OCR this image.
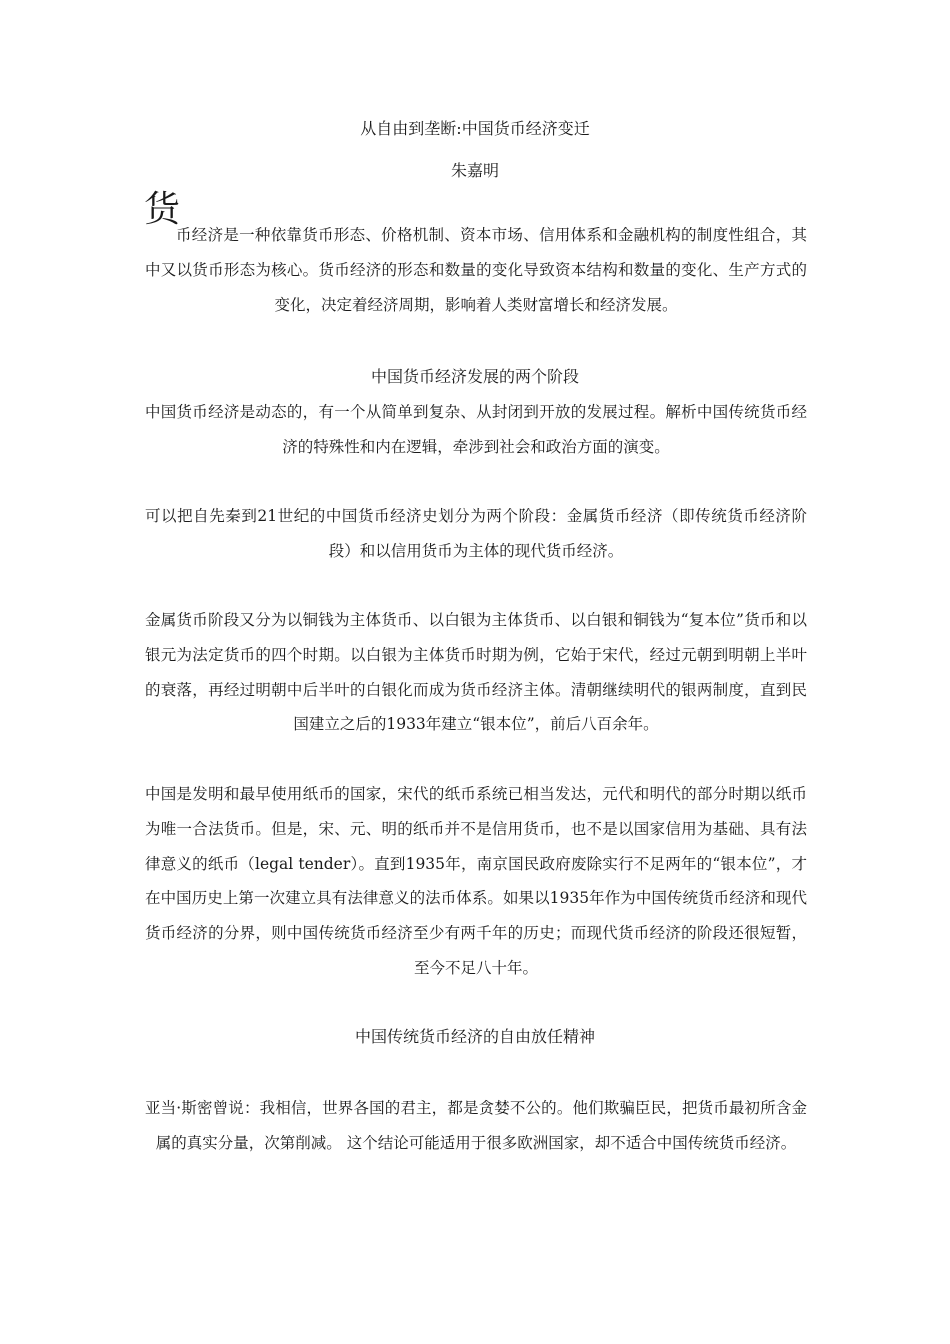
从自由到垄断:中国货币经济变迁
朱嘉明
货
币经济是一种依靠货币形态、价格机制、资本市场、信用体系和金融机构的制度性组合，其中又以货币形态为核心。货币经济的形态和数量的变化导致资本结构和数量的变化、生产方式的变化，决定着经济周期，影响着人类财富增长和经济发展。
中国货币经济发展的两个阶段
中国货币经济是动态的，有一个从简单到复杂、从封闭到开放的发展过程。解析中国传统货币经济的特殊性和内在逻辑，牵涉到社会和政治方面的演变。
可以把自先秦到21世纪的中国货币经济史划分为两个阶段：金属货币经济（即传统货币经济阶段）和以信用货币为主体的现代货币经济。
金属货币阶段又分为以铜钱为主体货币、以白银为主体货币、以白银和铜钱为“复本位”货币和以银元为法定货币的四个时期。以白银为主体货币时期为例，它始于宋代，经过元朝到明朝上半叶的衰落，再经过明朝中后半叶的白银化而成为货币经济主体。清朝继续明代的银两制度，直到民国建立之后的1933年建立“银本位”，前后八百余年。
中国是发明和最早使用纸币的国家，宋代的纸币系统已相当发达，元代和明代的部分时期以纸币为唯一合法货币。但是，宋、元、明的纸币并不是信用货币，也不是以国家信用为基础、具有法律意义的纸币（legal tender）。直到1935年，南京国民政府废除实行不足两年的“银本位”，才在中国历史上第一次建立具有法律意义的法币体系。如果以1935年作为中国传统货币经济和现代货币经济的分界，则中国传统货币经济至少有两千年的历史；而现代货币经济的阶段还很短暂，至今不足八十年。
中国传统货币经济的自由放任精神
亚当·斯密曾说：我相信，世界各国的君主，都是贪婪不公的。他们欺骗臣民，把货币最初所含金属的真实分量，次第削减。 这个结论可能适用于很多欧洲国家，却不适合中国传统货币经济。
